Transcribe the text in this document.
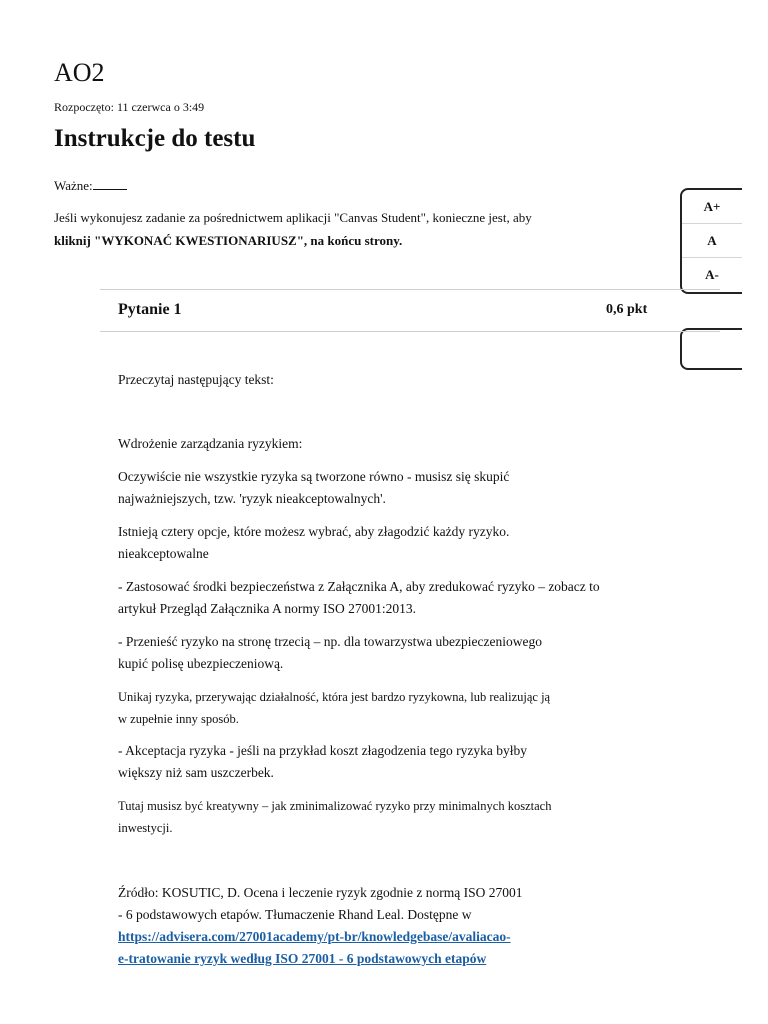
AO2
Rozpoczęto: 11 czerwca o 3:49
Instrukcje do testu
Ważne:
Jeśli wykonujesz zadanie za pośrednictwem aplikacji "Canvas Student", konieczne jest, aby
kliknij "WYKONAĆ KWESTIONARIUSZ", na końcu strony.
A+
A
A-
Pytanie 1	0,6 pkt
Przeczytaj następujący tekst:
Wdrożenie zarządzania ryzykiem:
Oczywiście nie wszystkie ryzyka są tworzone równo - musisz się skupić
najważniejszych, tzw. 'ryzyk nieakceptowalnych'.
Istnieją cztery opcje, które możesz wybrać, aby złagodzić każdy ryzyko.
nieakceptowalne
- Zastosować środki bezpieczeństwa z Załącznika A, aby zredukować ryzyko – zobacz to
artykuł Przegląd Załącznika A normy ISO 27001:2013.
- Przenieść ryzyko na stronę trzecią – np. dla towarzystwa ubezpieczeniowego
kupić polisę ubezpieczeniową.
Unikaj ryzyka, przerywając działalność, która jest bardzo ryzykowna, lub realizując ją
w zupełnie inny sposób.
- Akceptacja ryzyka - jeśli na przykład koszt złagodzenia tego ryzyka byłby
większy niż sam uszczerbek.
Tutaj musisz być kreatywny – jak zminimalizować ryzyko przy minimalnych kosztach
inwestycji.
Źródło: KOSUTIC, D. Ocena i leczenie ryzyk zgodnie z normą ISO 27001
- 6 podstawowych etapów. Tłumaczenie Rhand Leal. Dostępne w
https://advisera.com/27001academy/pt-br/knowledgebase/avaliacao-
e-tratowanie ryzyk według ISO 27001 - 6 podstawowych etapów
